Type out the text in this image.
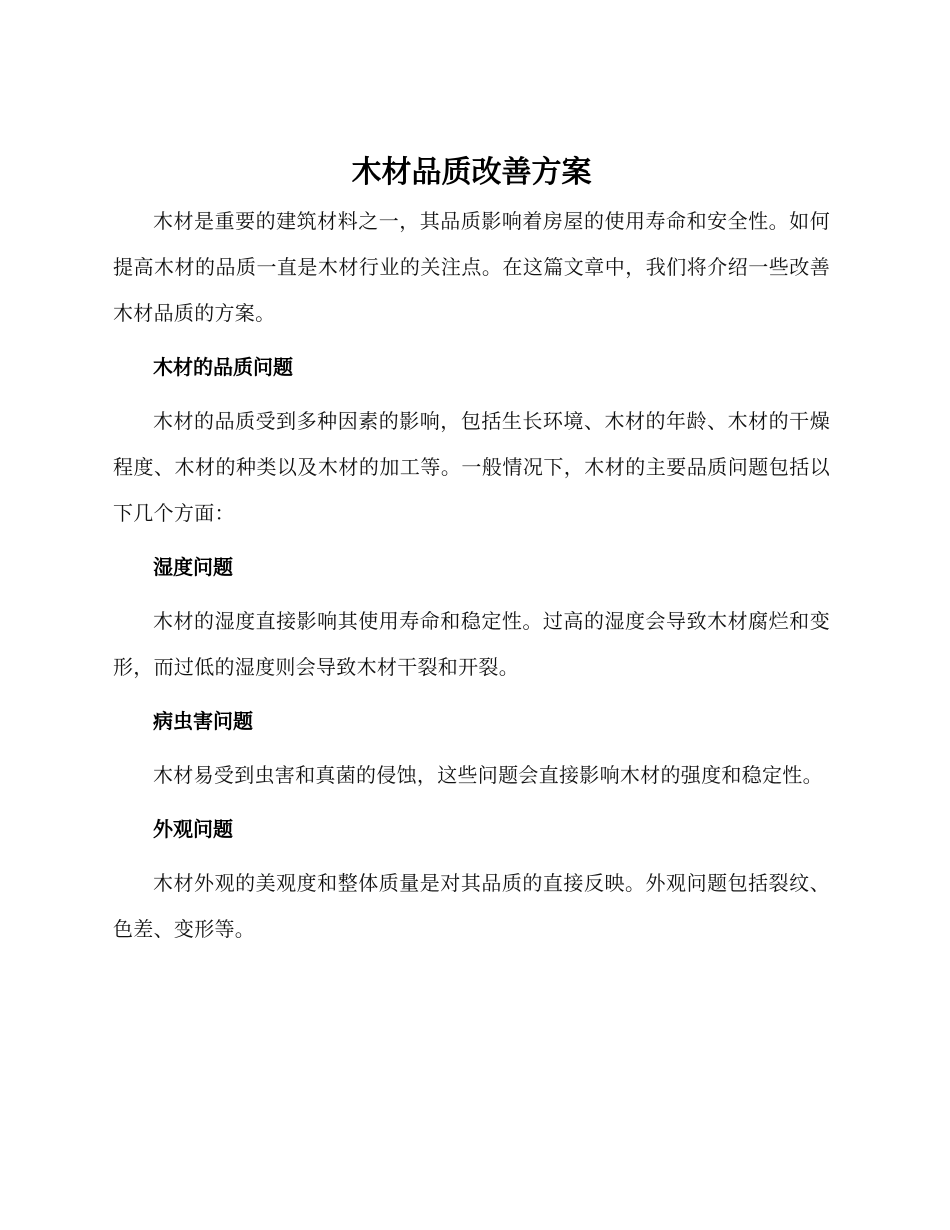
木材品质改善方案

木材是重要的建筑材料之一，其品质影响着房屋的使用寿命和安全性。如何提高木材的品质一直是木材行业的关注点。在这篇文章中，我们将介绍一些改善木材品质的方案。

木材的品质问题

木材的品质受到多种因素的影响，包括生长环境、木材的年龄、木材的干燥程度、木材的种类以及木材的加工等。一般情况下，木材的主要品质问题包括以下几个方面：

湿度问题

木材的湿度直接影响其使用寿命和稳定性。过高的湿度会导致木材腐烂和变形，而过低的湿度则会导致木材干裂和开裂。

病虫害问题

木材易受到虫害和真菌的侵蚀，这些问题会直接影响木材的强度和稳定性。

外观问题

木材外观的美观度和整体质量是对其品质的直接反映。外观问题包括裂纹、色差、变形等。
